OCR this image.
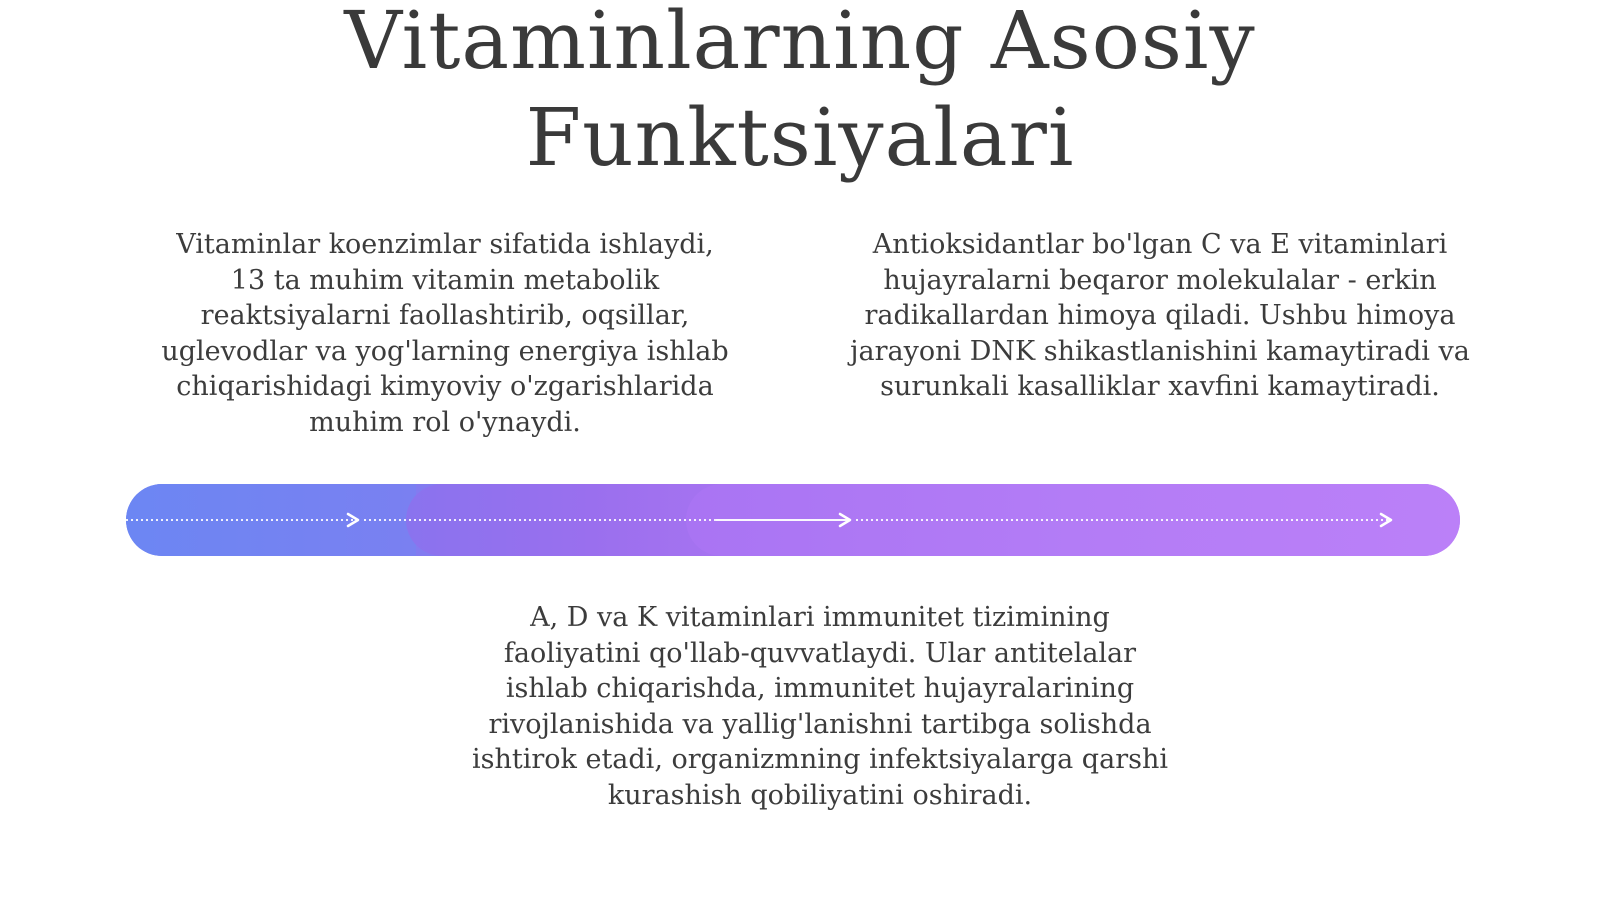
Vitaminlarning Asosiy Funktsiyalari

Vitaminlar koenzimlar sifatida ishlaydi, 13 ta muhim vitamin metabolik reaktsiyalarni faollashtirib, oqsillar, uglevodlar va yog'larning energiya ishlab chiqarishidagi kimyoviy o'zgarishlarida muhim rol o'ynaydi.

Antioksidantlar bo'lgan C va E vitaminlari hujayralarni beqaror molekulalar - erkin radikallardan himoya qiladi. Ushbu himoya jarayoni DNK shikastlanishini kamaytiradi va surunkali kasalliklar xavfini kamaytiradi.

A, D va K vitaminlari immunitet tizimining faoliyatini qo'llab-quvvatlaydi. Ular antitelalar ishlab chiqarishda, immunitet hujayralarining rivojlanishida va yallig'lanishni tartibga solishda ishtirok etadi, organizmning infektsiyalarga qarshi kurashish qobiliyatini oshiradi.
